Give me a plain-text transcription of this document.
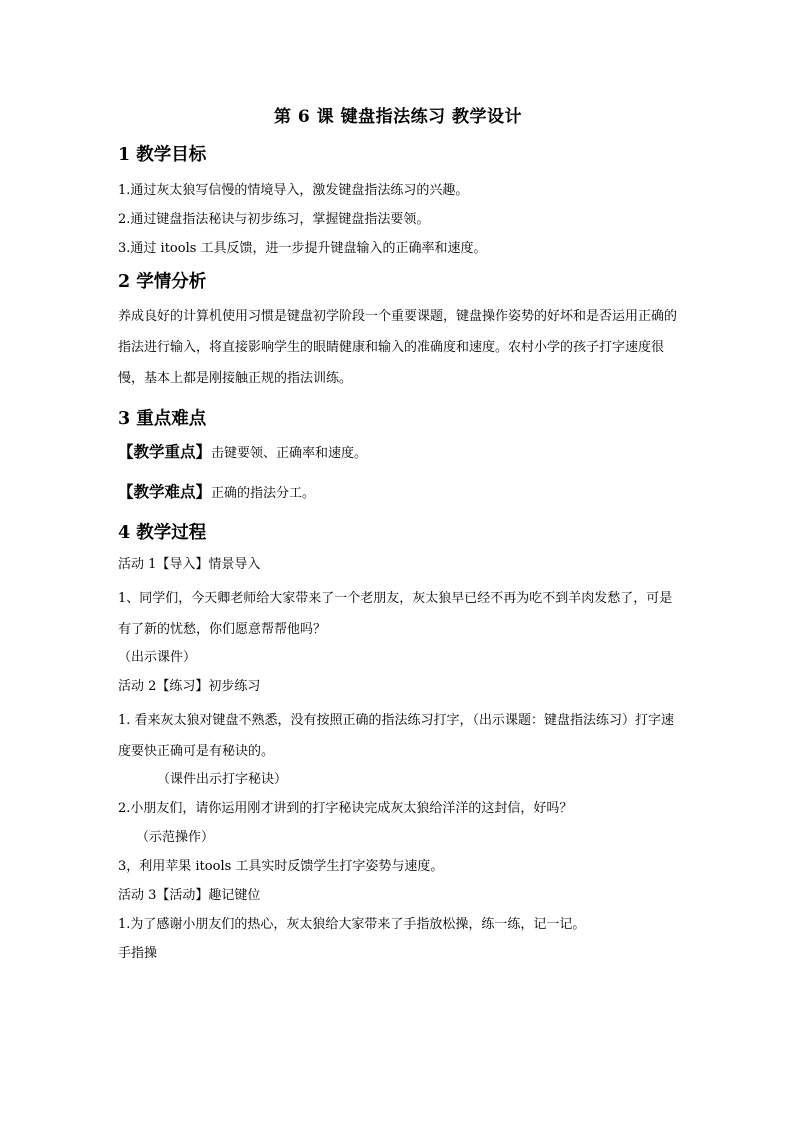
第 6 课 键盘指法练习 教学设计
1 教学目标
1.通过灰太狼写信慢的情境导入，激发键盘指法练习的兴趣。
2.通过键盘指法秘诀与初步练习，掌握键盘指法要领。
3.通过 itools 工具反馈，进一步提升键盘输入的正确率和速度。
2 学情分析
养成良好的计算机使用习惯是键盘初学阶段一个重要课题，键盘操作姿势的好坏和是否运用正确的指法进行输入，将直接影响学生的眼睛健康和输入的准确度和速度。农村小学的孩子打字速度很慢，基本上都是刚接触正规的指法训练。
3 重点难点
【教学重点】击键要领、正确率和速度。
【教学难点】正确的指法分工。
4 教学过程
活动 1【导入】情景导入
1、同学们，今天卿老师给大家带来了一个老朋友，灰太狼早已经不再为吃不到羊肉发愁了，可是有了新的忧愁，你们愿意帮帮他吗？
（出示课件）
活动 2【练习】初步练习
1. 看来灰太狼对键盘不熟悉，没有按照正确的指法练习打字，（出示课题：键盘指法练习）打字速度要快正确可是有秘诀的。
（课件出示打字秘诀）
2.小朋友们，请你运用刚才讲到的打字秘诀完成灰太狼给洋洋的这封信，好吗？
（示范操作）
3，利用苹果 itools 工具实时反馈学生打字姿势与速度。
活动 3【活动】趣记键位
1.为了感谢小朋友们的热心，灰太狼给大家带来了手指放松操，练一练，记一记。
手指操
